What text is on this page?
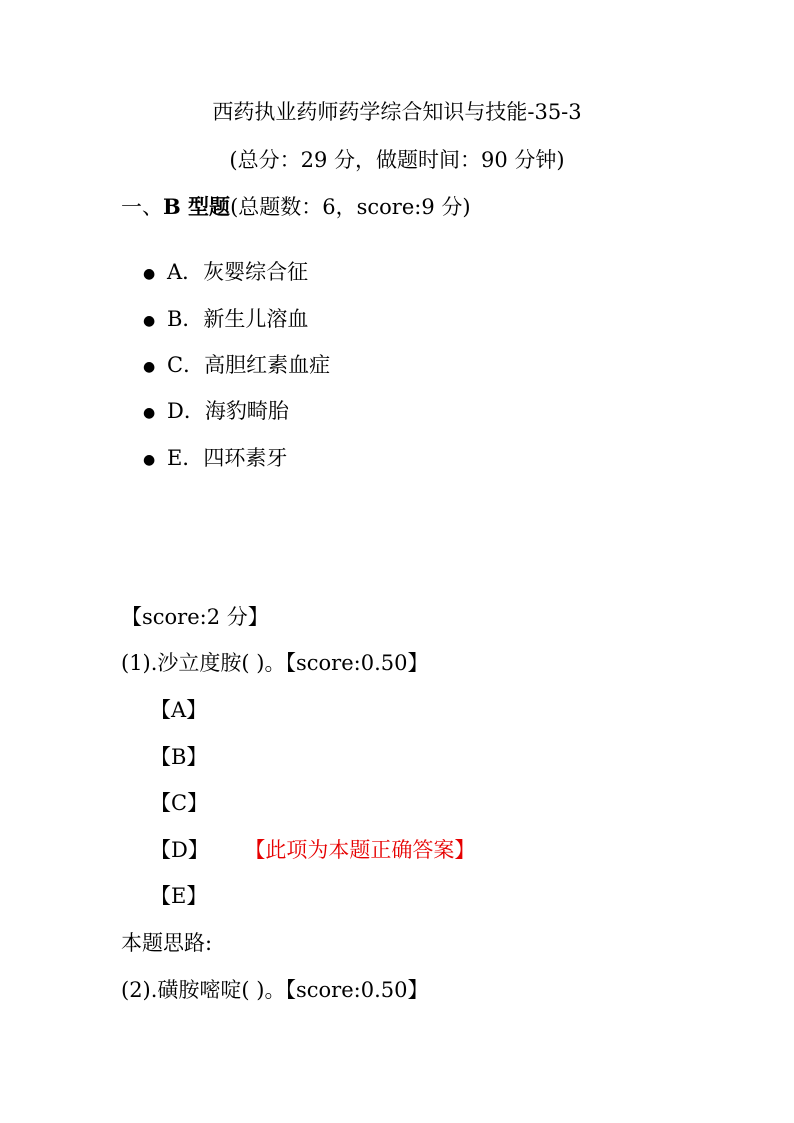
西药执业药师药学综合知识与技能-35-3
(总分：29 分，做题时间：90 分钟)
一、B 型题(总题数：6，score:9 分)
● A．灰婴综合征
● B．新生儿溶血
● C．高胆红素血症
● D．海豹畸胎
● E．四环素牙
【score:2 分】
(1).沙立度胺( )。【score:0.50】
【A】
【B】
【C】
【D】 【此项为本题正确答案】
【E】
本题思路:
(2).磺胺嘧啶( )。【score:0.50】
